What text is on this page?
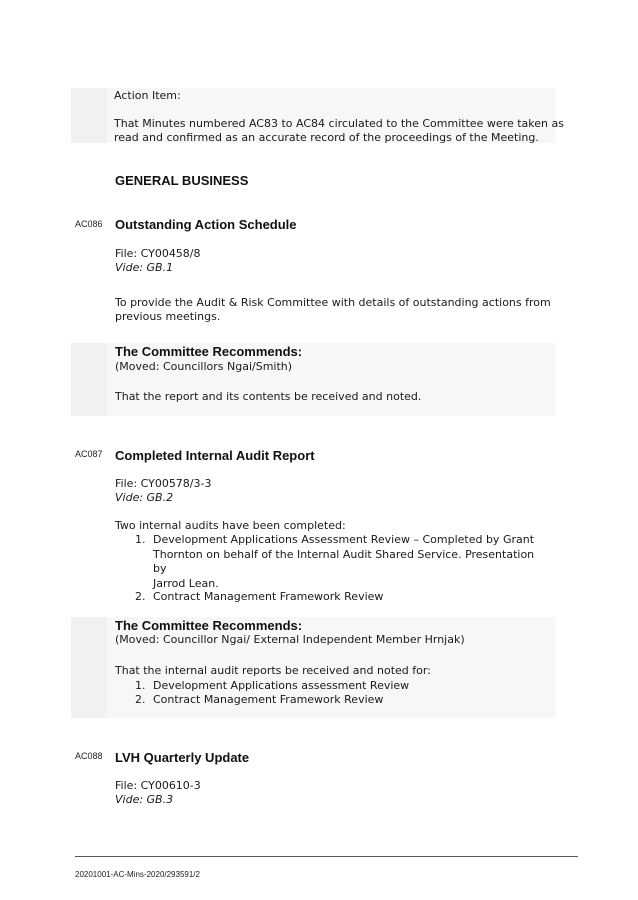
Action Item:
That Minutes numbered AC83 to AC84 circulated to the Committee were taken as
read and confirmed as an accurate record of the proceedings of the Meeting.
GENERAL BUSINESS
AC086 Outstanding Action Schedule
File: CY00458/8
Vide: GB.1
To provide the Audit & Risk Committee with details of outstanding actions from
previous meetings.
The Committee Recommends:
(Moved: Councillors Ngai/Smith)
That the report and its contents be received and noted.
AC087 Completed Internal Audit Report
File: CY00578/3-3
Vide: GB.2
Two internal audits have been completed:
1. Development Applications Assessment Review – Completed by Grant
Thornton on behalf of the Internal Audit Shared Service. Presentation by
Jarrod Lean.
2. Contract Management Framework Review
The Committee Recommends:
(Moved: Councillor Ngai/ External Independent Member Hrnjak)
That the internal audit reports be received and noted for:
1. Development Applications assessment Review
2. Contract Management Framework Review
AC088 LVH Quarterly Update
File: CY00610-3
Vide: GB.3
20201001-AC-Mins-2020/293591/2
